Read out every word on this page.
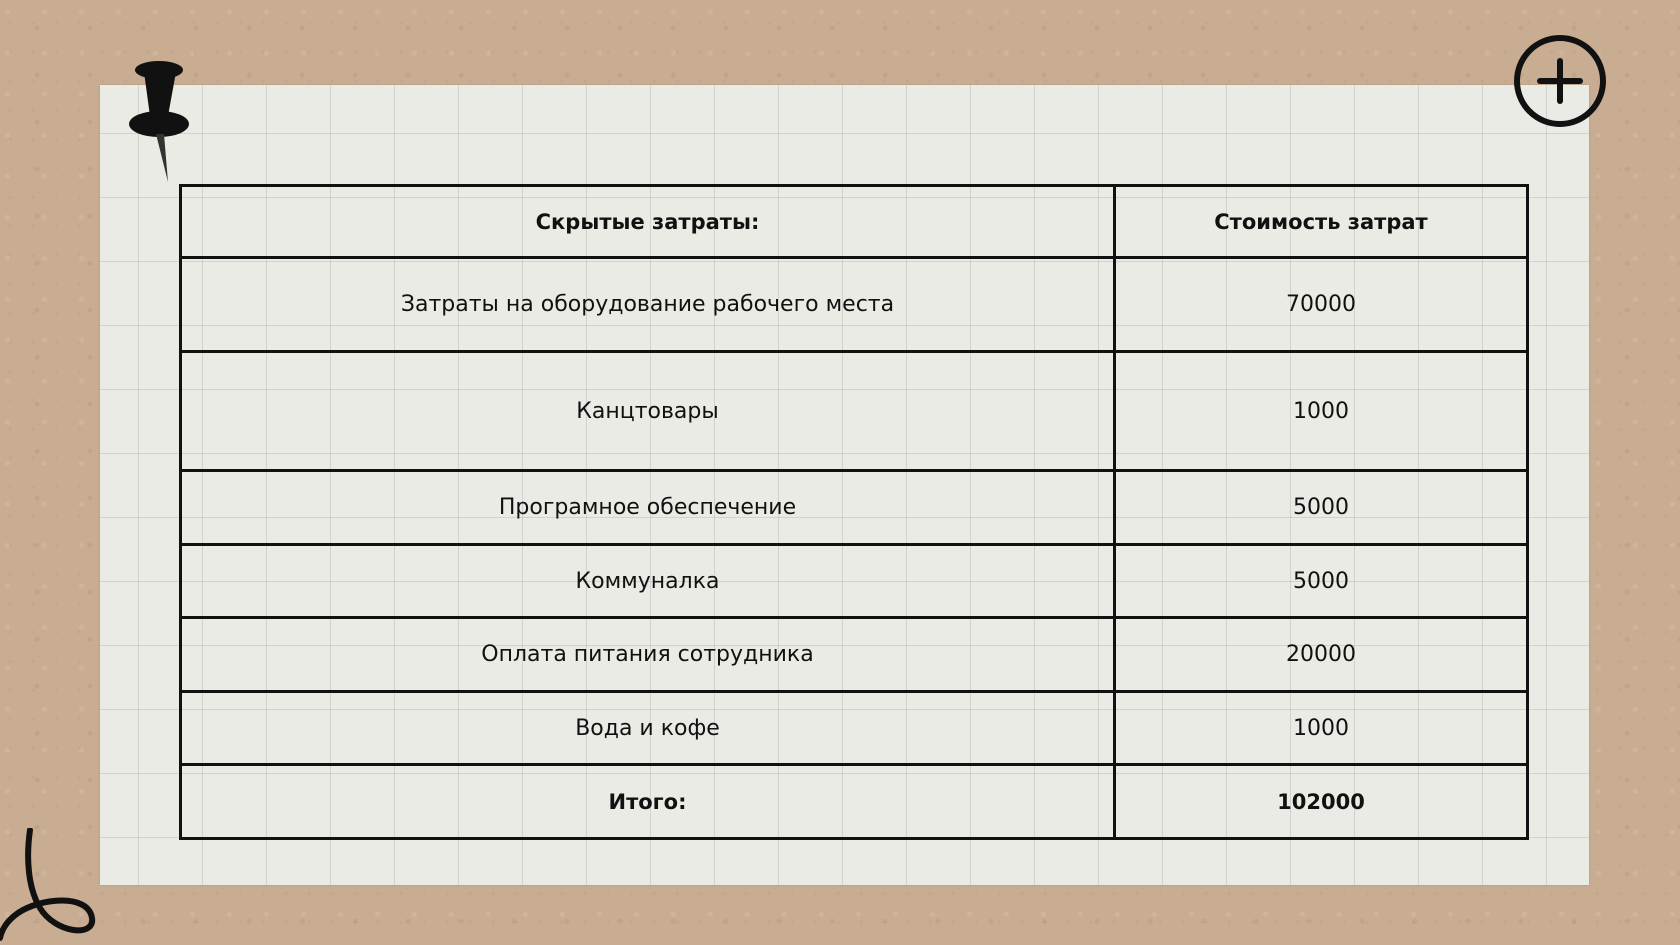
Скрытые затраты:	Стоимость затрат
Затраты на оборудование рабочего места	70000
Канцтовары	1000
Програмное обеспечение	5000
Коммуналка	5000
Оплата питания сотрудника	20000
Вода и кофе	1000
Итого:	102000
